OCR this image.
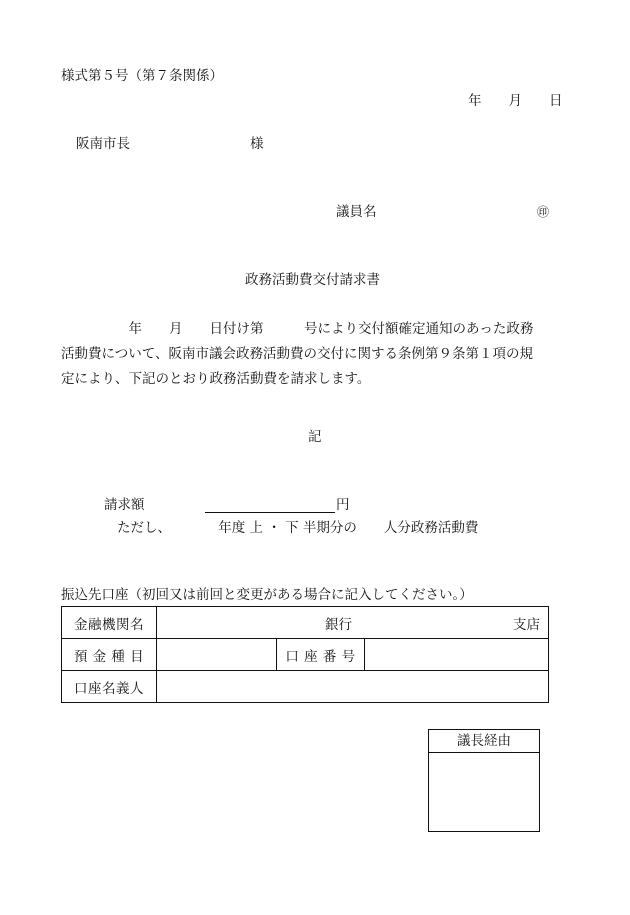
様式第５号（第７条関係）
年　　月　　日
阪南市長	様
議員名	㊞
政務活動費交付請求書

　　　　　年　　月　　日付け第　　　号により交付額確定通知のあった政務

活動費について、阪南市議会政務活動費の交付に関する条例第９条第１項の規

定により、下記のとおり政務活動費を請求します。

記
請求額	円
ただし、　　　　年度 上 ・ 下 半期分の　　人分政務活動費
振込先口座（初回又は前回と変更がある場合に記入してください。）
金融機関名	銀行 支店		

預 金 種 目		口 座 番 号	
口座名義人			
議長経由
